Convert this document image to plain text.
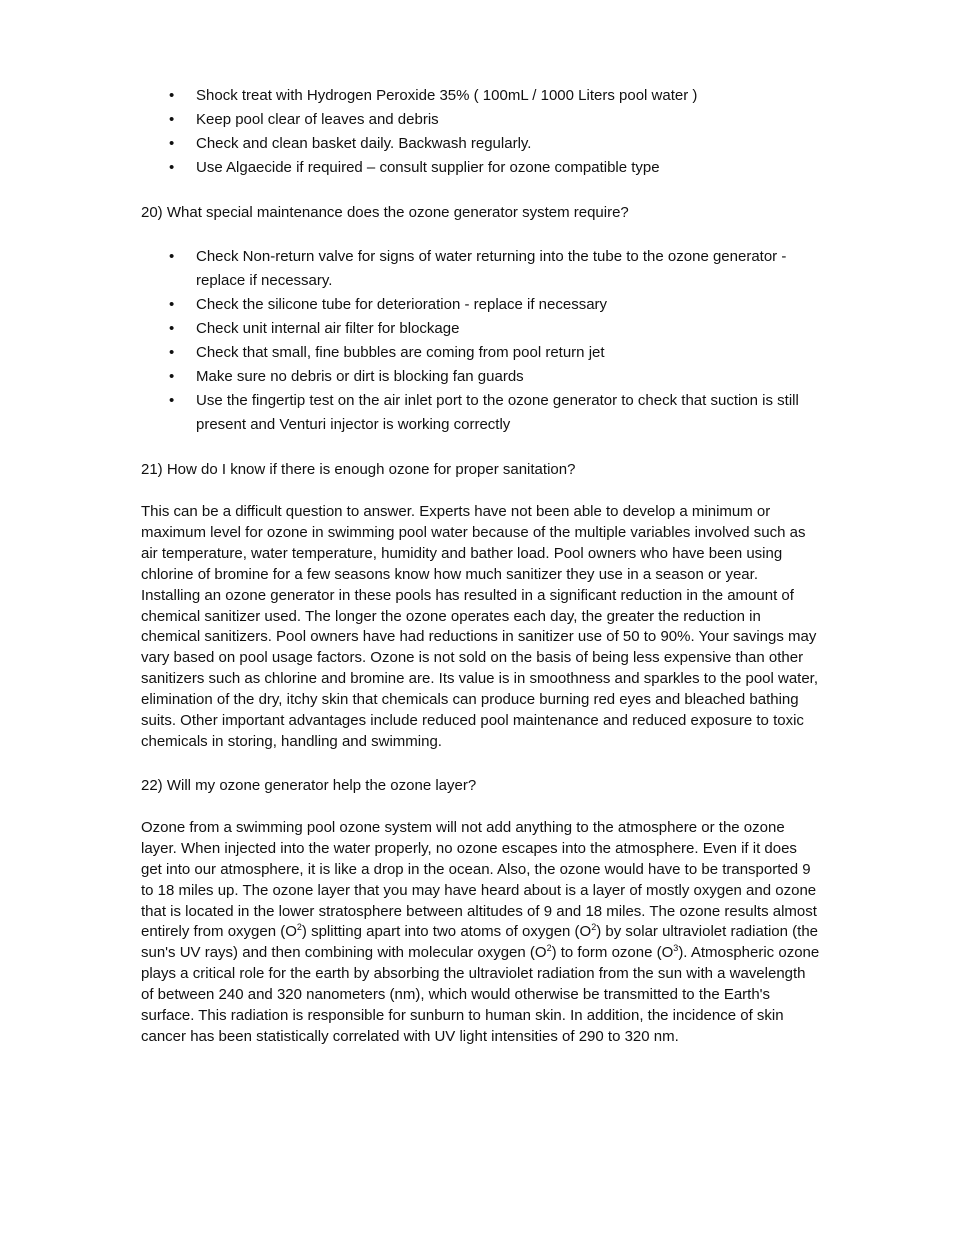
• Shock treat with Hydrogen Peroxide 35% ( 100mL / 1000 Liters pool water )
• Keep pool clear of leaves and debris
• Check and clean basket daily. Backwash regularly.
• Use Algaecide if required – consult supplier for ozone compatible type

20) What special maintenance does the ozone generator system require?

• Check Non-return valve for signs of water returning into the tube to the ozone generator - replace if necessary.
• Check the silicone tube for deterioration - replace if necessary
• Check unit internal air filter for blockage
• Check that small, fine bubbles are coming from pool return jet
• Make sure no debris or dirt is blocking fan guards
• Use the fingertip test on the air inlet port to the ozone generator to check that suction is still present and Venturi injector is working correctly

21) How do I know if there is enough ozone for proper sanitation?

This can be a difficult question to answer. Experts have not been able to develop a minimum or maximum level for ozone in swimming pool water because of the multiple variables involved such as air temperature, water temperature, humidity and bather load. Pool owners who have been using chlorine of bromine for a few seasons know how much sanitizer they use in a season or year. Installing an ozone generator in these pools has resulted in a significant reduction in the amount of chemical sanitizer used. The longer the ozone operates each day, the greater the reduction in chemical sanitizers. Pool owners have had reductions in sanitizer use of 50 to 90%. Your savings may vary based on pool usage factors. Ozone is not sold on the basis of being less expensive than other sanitizers such as chlorine and bromine are. Its value is in smoothness and sparkles to the pool water, elimination of the dry, itchy skin that chemicals can produce burning red eyes and bleached bathing suits. Other important advantages include reduced pool maintenance and reduced exposure to toxic chemicals in storing, handling and swimming.

22) Will my ozone generator help the ozone layer?

Ozone from a swimming pool ozone system will not add anything to the atmosphere or the ozone layer. When injected into the water properly, no ozone escapes into the atmosphere. Even if it does get into our atmosphere, it is like a drop in the ocean. Also, the ozone would have to be transported 9 to 18 miles up. The ozone layer that you may have heard about is a layer of mostly oxygen and ozone that is located in the lower stratosphere between altitudes of 9 and 18 miles. The ozone results almost entirely from oxygen $(O^2)$ splitting apart into two atoms of oxygen $(O^2)$ by solar ultraviolet radiation (the sun's UV rays) and then combining with molecular oxygen $(O^2)$ to form ozone $(O^3)$. Atmospheric ozone plays a critical role for the earth by absorbing the ultraviolet radiation from the sun with a wavelength of between 240 and 320 nanometers (nm), which would otherwise be transmitted to the Earth's surface. This radiation is responsible for sunburn to human skin. In addition, the incidence of skin cancer has been statistically correlated with UV light intensities of 290 to 320 nm.
